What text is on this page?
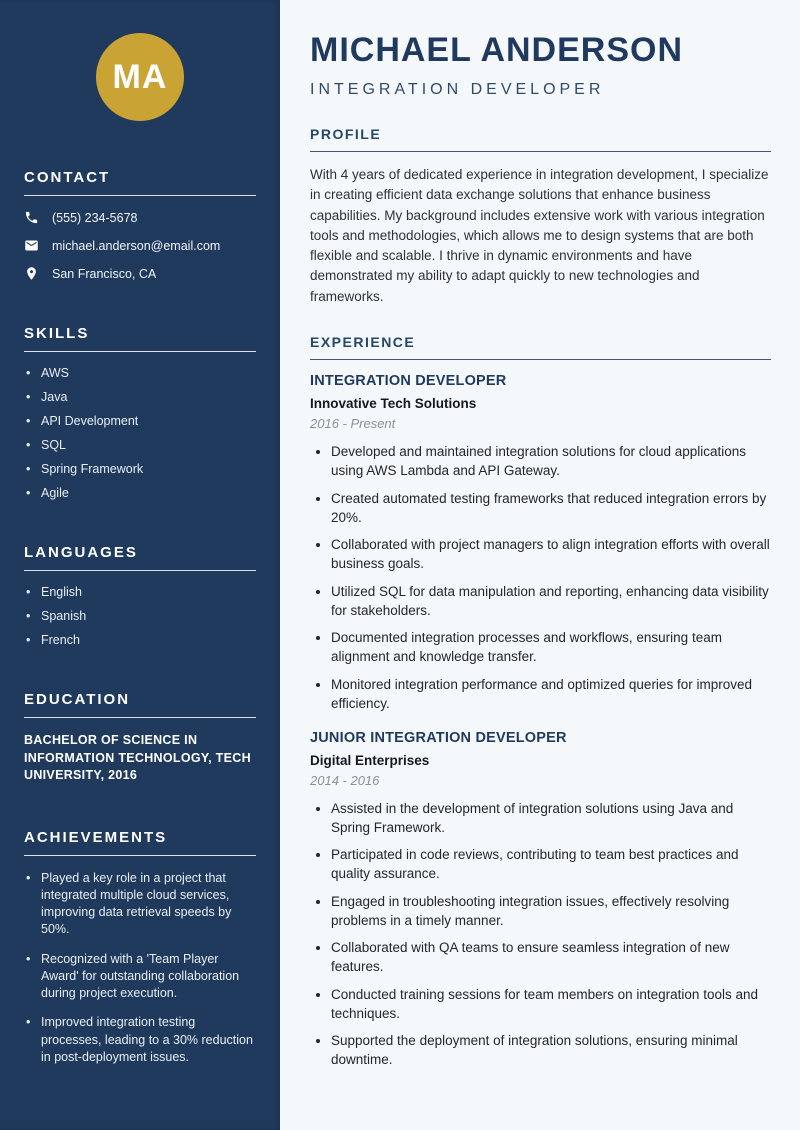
MA
CONTACT
(555) 234-5678
michael.anderson@email.com
San Francisco, CA
SKILLS
• AWS
• Java
• API Development
• SQL
• Spring Framework
• Agile
LANGUAGES
• English
• Spanish
• French
EDUCATION

BACHELOR OF SCIENCE IN INFORMATION TECHNOLOGY, TECH UNIVERSITY, 2016

ACHIEVEMENTS
• Played a key role in a project that integrated multiple cloud services, improving data retrieval speeds by 50%.
• Recognized with a 'Team Player Award' for outstanding collaboration during project execution.
• Improved integration testing processes, leading to a 30% reduction in post-deployment issues.
MICHAEL ANDERSON
INTEGRATION DEVELOPER
PROFILE

With 4 years of dedicated experience in integration development, I specialize in creating efficient data exchange solutions that enhance business capabilities. My background includes extensive work with various integration tools and methodologies, which allows me to design systems that are both flexible and scalable. I thrive in dynamic environments and have demonstrated my ability to adapt quickly to new technologies and frameworks.

EXPERIENCE
INTEGRATION DEVELOPER
Innovative Tech Solutions
2016 - Present
• Developed and maintained integration solutions for cloud applications using AWS Lambda and API Gateway.
• Created automated testing frameworks that reduced integration errors by 20%.
• Collaborated with project managers to align integration efforts with overall business goals.
• Utilized SQL for data manipulation and reporting, enhancing data visibility for stakeholders.
• Documented integration processes and workflows, ensuring team alignment and knowledge transfer.
• Monitored integration performance and optimized queries for improved efficiency.
JUNIOR INTEGRATION DEVELOPER
Digital Enterprises
2014 - 2016
• Assisted in the development of integration solutions using Java and Spring Framework.
• Participated in code reviews, contributing to team best practices and quality assurance.
• Engaged in troubleshooting integration issues, effectively resolving problems in a timely manner.
• Collaborated with QA teams to ensure seamless integration of new features.
• Conducted training sessions for team members on integration tools and techniques.
• Supported the deployment of integration solutions, ensuring minimal downtime.
